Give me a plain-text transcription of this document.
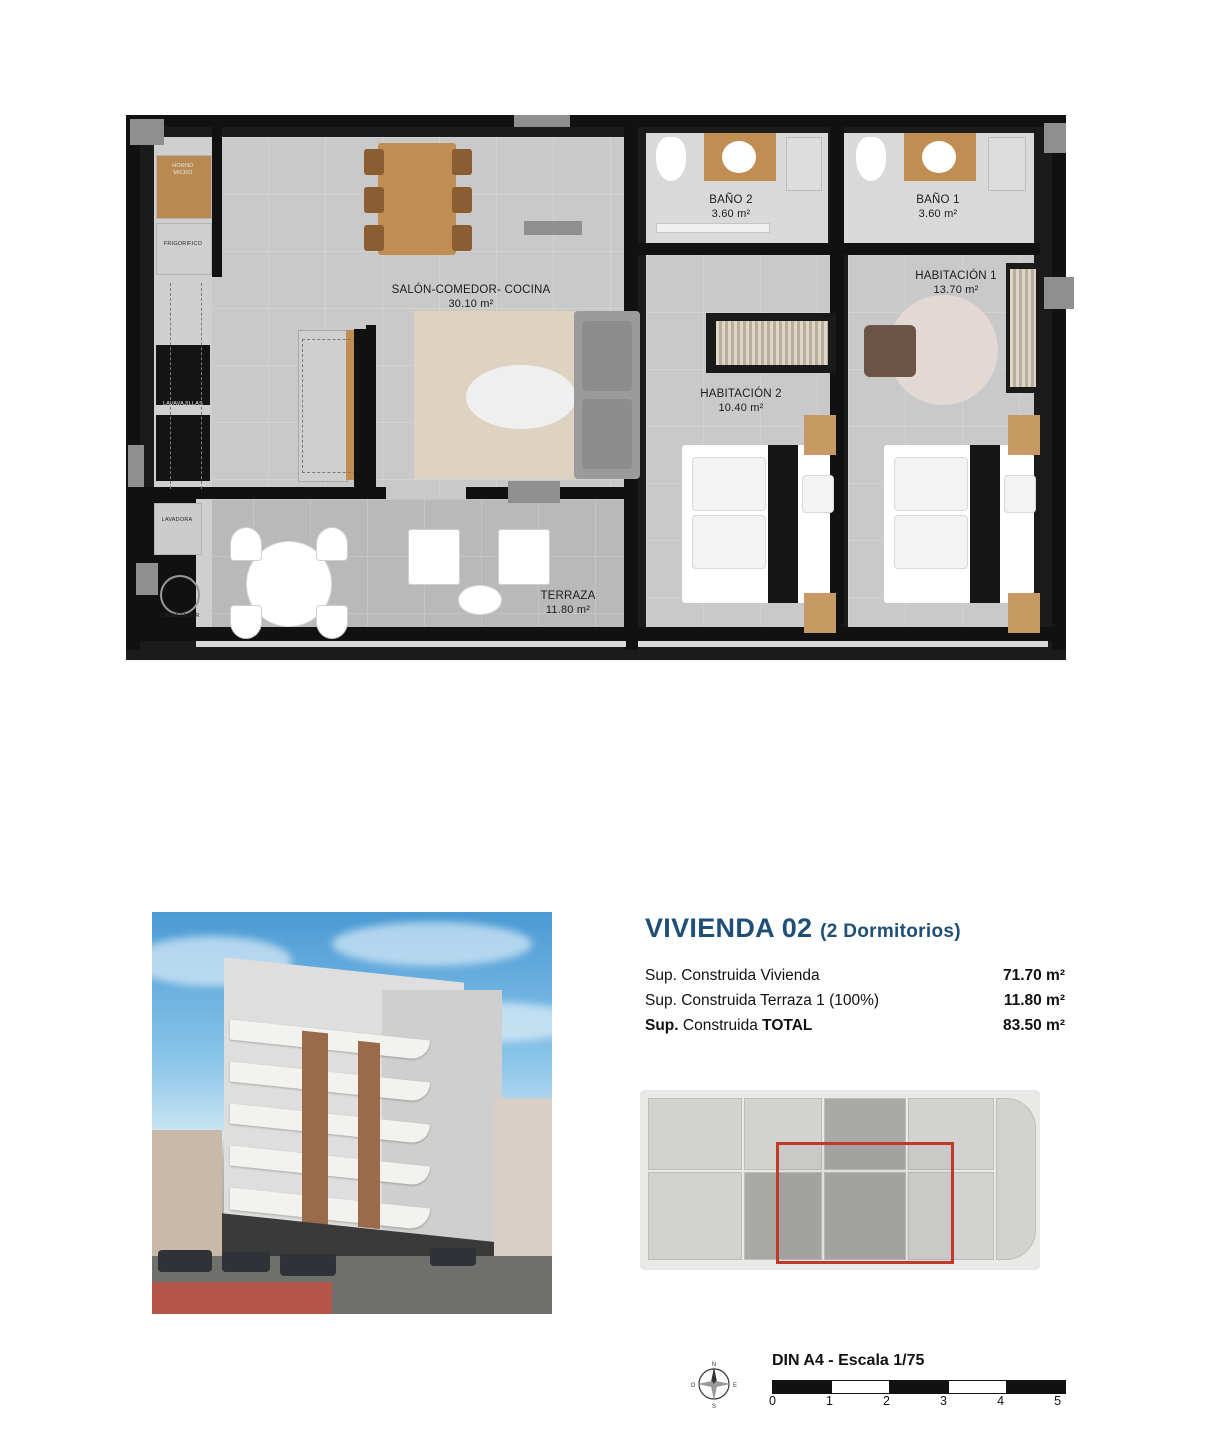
HORNO
MICRO
FRIGORIFICO
LAVAVAJILLAS
LAVADORA
CALENTADOR
SALÓN-COMEDOR- COCINA
30.10 m²
BAÑO 2
3.60 m²
BAÑO 1
3.60 m²
HABITACIÓN 1
13.70 m²
HABITACIÓN 2
10.40 m²
TERRAZA
11.80 m²
VIVIENDA 02 (2 Dormitorios)
Sup. Construida Vivienda	71.70 m²
Sup. Construida Terraza 1 (100%)	11.80 m²
Sup. Construida TOTAL	83.50 m²
N
S
E
O
DIN A4 - Escala 1/75
0	1	2	3	4	5
